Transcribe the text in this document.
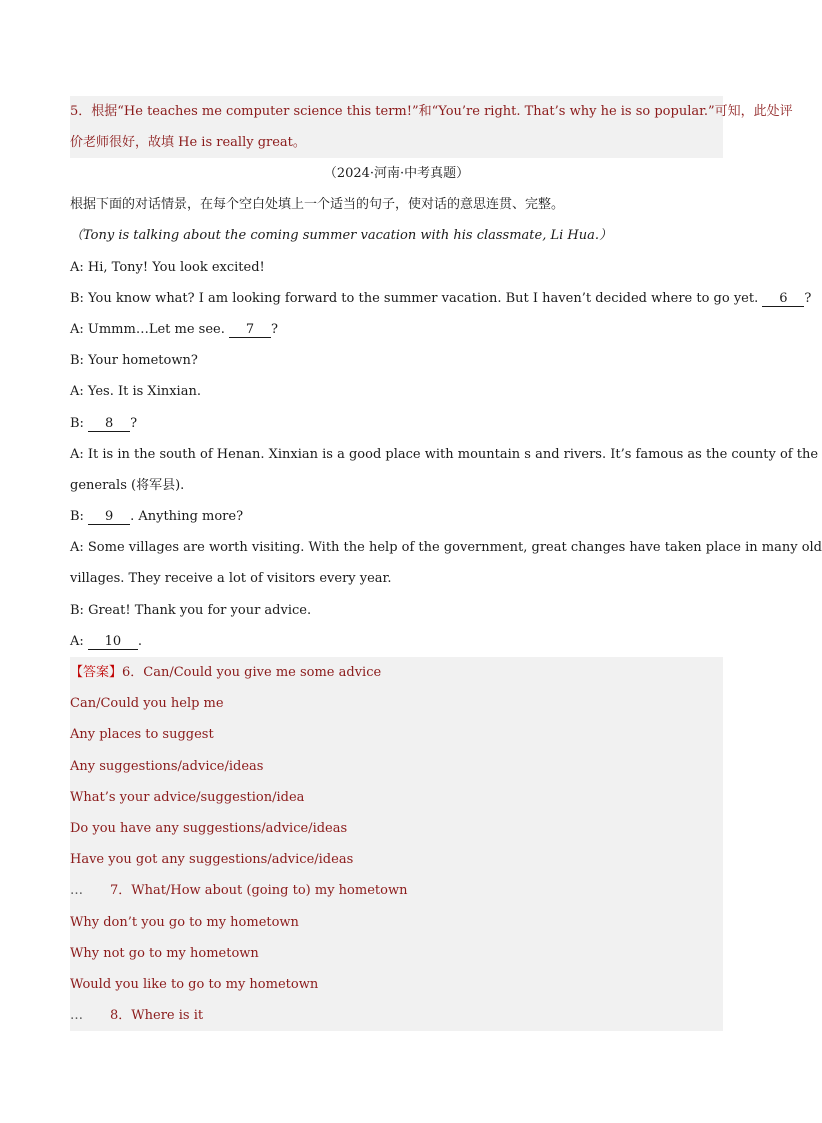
5．根据“He teaches me computer science this term!”和“You’re right. That’s why he is so popular.”可知，此处评
价老师很好，故填 He is really great。
（2024·河南·中考真题）
根据下面的对话情景，在每个空白处填上一个适当的句子，使对话的意思连贯、完整。
（Tony is talking about the coming summer vacation with his classmate, Li Hua.）
A: Hi, Tony! You look excited!
B: You know what? I am looking forward to the summer vacation. But I haven’t decided where to go yet. 6 ?
A: Ummm…Let me see. 7 ?
B: Your hometown?
A: Yes. It is Xinxian.
B: 8 ?
A: It is in the south of Henan. Xinxian is a good place with mountain s and rivers. It’s famous as the county of the
generals (将军县).
B: 9 . Anything more?
A: Some villages are worth visiting. With the help of the government, great changes have taken place in many old
villages. They receive a lot of visitors every year.
B: Great! Thank you for your advice.
A: 10 .
【答案】6．Can/Could you give me some advice
Can/Could you help me
Any places to suggest
Any suggestions/advice/ideas
What’s your advice/suggestion/idea
Do you have any suggestions/advice/ideas
Have you got any suggestions/advice/ideas
… 7．What/How about (going to) my hometown
Why don’t you go to my hometown
Why not go to my hometown
Would you like to go to my hometown
… 8．Where is it
